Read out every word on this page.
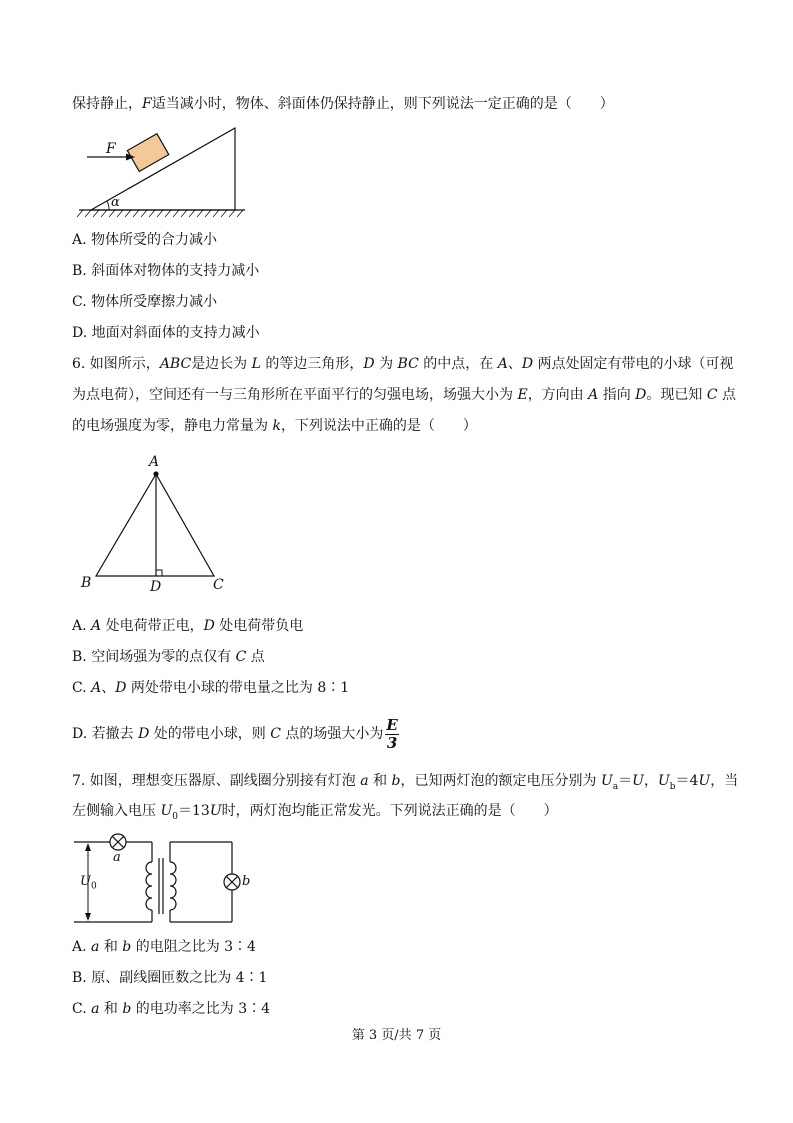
保持静止，F适当减小时，物体、斜面体仍保持静止，则下列说法一定正确的是（　　）
F
α
A. 物体所受的合力减小
B. 斜面体对物体的支持力减小
C. 物体所受摩擦力减小
D. 地面对斜面体的支持力减小
6. 如图所示，ABC是边长为 L 的等边三角形，D 为 BC 的中点，在 A、D 两点处固定有带电的小球（可视
为点电荷），空间还有一与三角形所在平面平行的匀强电场，场强大小为 E，方向由 A 指向 D。现已知 C 点
的电场强度为零，静电力常量为 k，下列说法中正确的是（　　）
A
B	D	C
A. A 处电荷带正电，D 处电荷带负电
B. 空间场强为零的点仅有 C 点
C. A、D 两处带电小球的带电量之比为 8∶1
D. 若撤去 D 处的带电小球，则 C 点的场强大小为 $\frac{E}{3}$
7. 如图，理想变压器原、副线圈分别接有灯泡 a 和 b，已知两灯泡的额定电压分别为 $U_a=U$，$U_b=4U$，当
左侧输入电压 $U_0=13U$时，两灯泡均能正常发光。下列说法正确的是（　　）
a
b
$U_0$
A. a 和 b 的电阻之比为 3∶4
B. 原、副线圈匝数之比为 4∶1
C. a 和 b 的电功率之比为 3∶4
第 3 页/共 7 页
